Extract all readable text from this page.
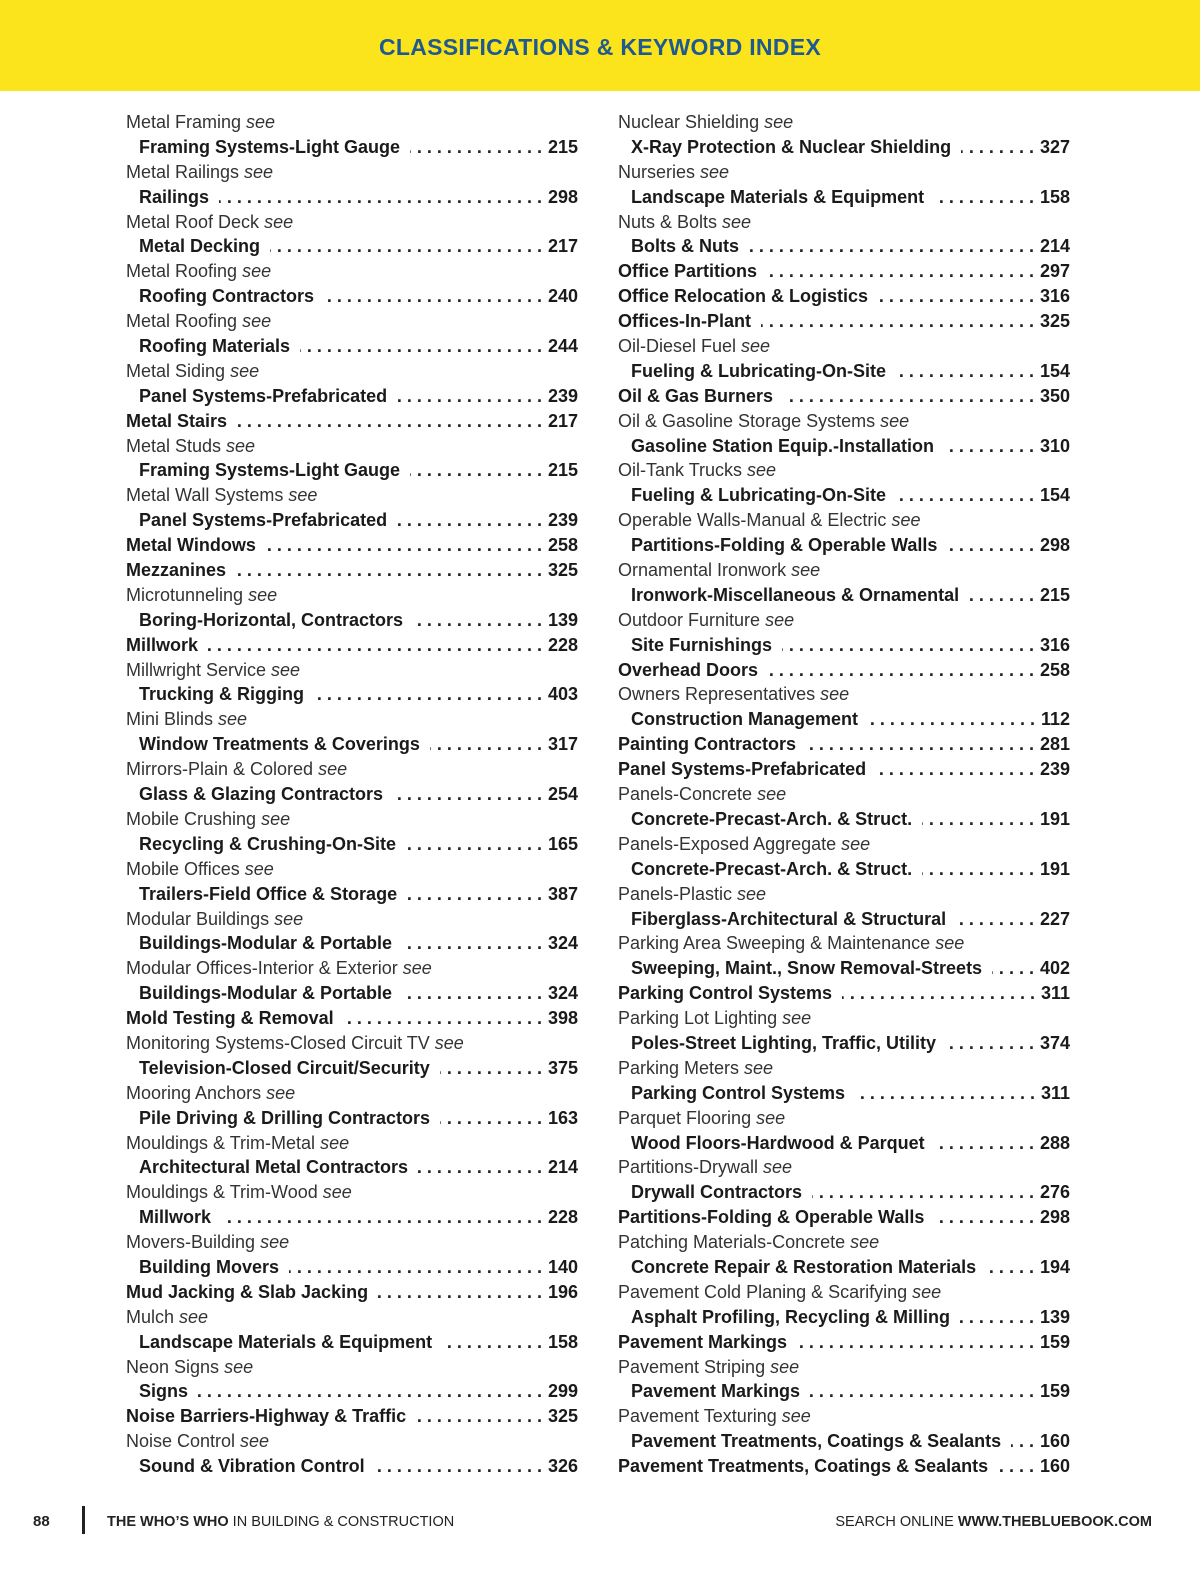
CLASSIFICATIONS & KEYWORD INDEX
Metal Framing see
Framing Systems-Light Gauge . . .	215
Metal Railings see
Railings . . .	298
Metal Roof Deck see
Metal Decking . . .	217
Metal Roofing see
Roofing Contractors . . .	240
Metal Roofing see
Roofing Materials . . .	244
Metal Siding see
Panel Systems-Prefabricated . . .	239
Metal Stairs . . .	217
Metal Studs see
Framing Systems-Light Gauge . . .	215
Metal Wall Systems see
Panel Systems-Prefabricated . . .	239
Metal Windows . . .	258
Mezzanines . . .	325
Microtunneling see
Boring-Horizontal, Contractors . . .	139
Millwork . . .	228
Millwright Service see
Trucking & Rigging . . .	403
Mini Blinds see
Window Treatments & Coverings . . .	317
Mirrors-Plain & Colored see
Glass & Glazing Contractors . . .	254
Mobile Crushing see
Recycling & Crushing-On-Site . . .	165
Mobile Offices see
Trailers-Field Office & Storage . . .	387
Modular Buildings see
Buildings-Modular & Portable . . .	324
Modular Offices-Interior & Exterior see
Buildings-Modular & Portable . . .	324
Mold Testing & Removal . . .	398
Monitoring Systems-Closed Circuit TV see
Television-Closed Circuit/Security . . .	375
Mooring Anchors see
Pile Driving & Drilling Contractors . . .	163
Mouldings & Trim-Metal see
Architectural Metal Contractors . . .	214
Mouldings & Trim-Wood see
Millwork . . .	228
Movers-Building see
Building Movers . . .	140
Mud Jacking & Slab Jacking . . .	196
Mulch see
Landscape Materials & Equipment . . .	158
Neon Signs see
Signs . . .	299
Noise Barriers-Highway & Traffic . . .	325
Noise Control see
Sound & Vibration Control . . .	326
Nuclear Shielding see
X-Ray Protection & Nuclear Shielding . . .	327
Nurseries see
Landscape Materials & Equipment . . .	158
Nuts & Bolts see
Bolts & Nuts . . .	214
Office Partitions . . .	297
Office Relocation & Logistics . . .	316
Offices-In-Plant . . .	325
Oil-Diesel Fuel see
Fueling & Lubricating-On-Site . . .	154
Oil & Gas Burners . . .	350
Oil & Gasoline Storage Systems see
Gasoline Station Equip.-Installation . . .	310
Oil-Tank Trucks see
Fueling & Lubricating-On-Site . . .	154
Operable Walls-Manual & Electric see
Partitions-Folding & Operable Walls . . .	298
Ornamental Ironwork see
Ironwork-Miscellaneous & Ornamental . . .	215
Outdoor Furniture see
Site Furnishings . . .	316
Overhead Doors . . .	258
Owners Representatives see
Construction Management . . .	112
Painting Contractors . . .	281
Panel Systems-Prefabricated . . .	239
Panels-Concrete see
Concrete-Precast-Arch. & Struct. . . .	191
Panels-Exposed Aggregate see
Concrete-Precast-Arch. & Struct. . . .	191
Panels-Plastic see
Fiberglass-Architectural & Structural . . .	227
Parking Area Sweeping & Maintenance see
Sweeping, Maint., Snow Removal-Streets . . .	402
Parking Control Systems . . .	311
Parking Lot Lighting see
Poles-Street Lighting, Traffic, Utility . . .	374
Parking Meters see
Parking Control Systems . . .	311
Parquet Flooring see
Wood Floors-Hardwood & Parquet . . .	288
Partitions-Drywall see
Drywall Contractors . . .	276
Partitions-Folding & Operable Walls . . .	298
Patching Materials-Concrete see
Concrete Repair & Restoration Materials . . .	194
Pavement Cold Planing & Scarifying see
Asphalt Profiling, Recycling & Milling . . .	139
Pavement Markings . . .	159
Pavement Striping see
Pavement Markings . . .	159
Pavement Texturing see
Pavement Treatments, Coatings & Sealants . . . 160
Pavement Treatments, Coatings & Sealants . . .	160
88	THE WHO’S WHO IN BUILDING & CONSTRUCTION	SEARCH ONLINE WWW.THEBLUEBOOK.COM
